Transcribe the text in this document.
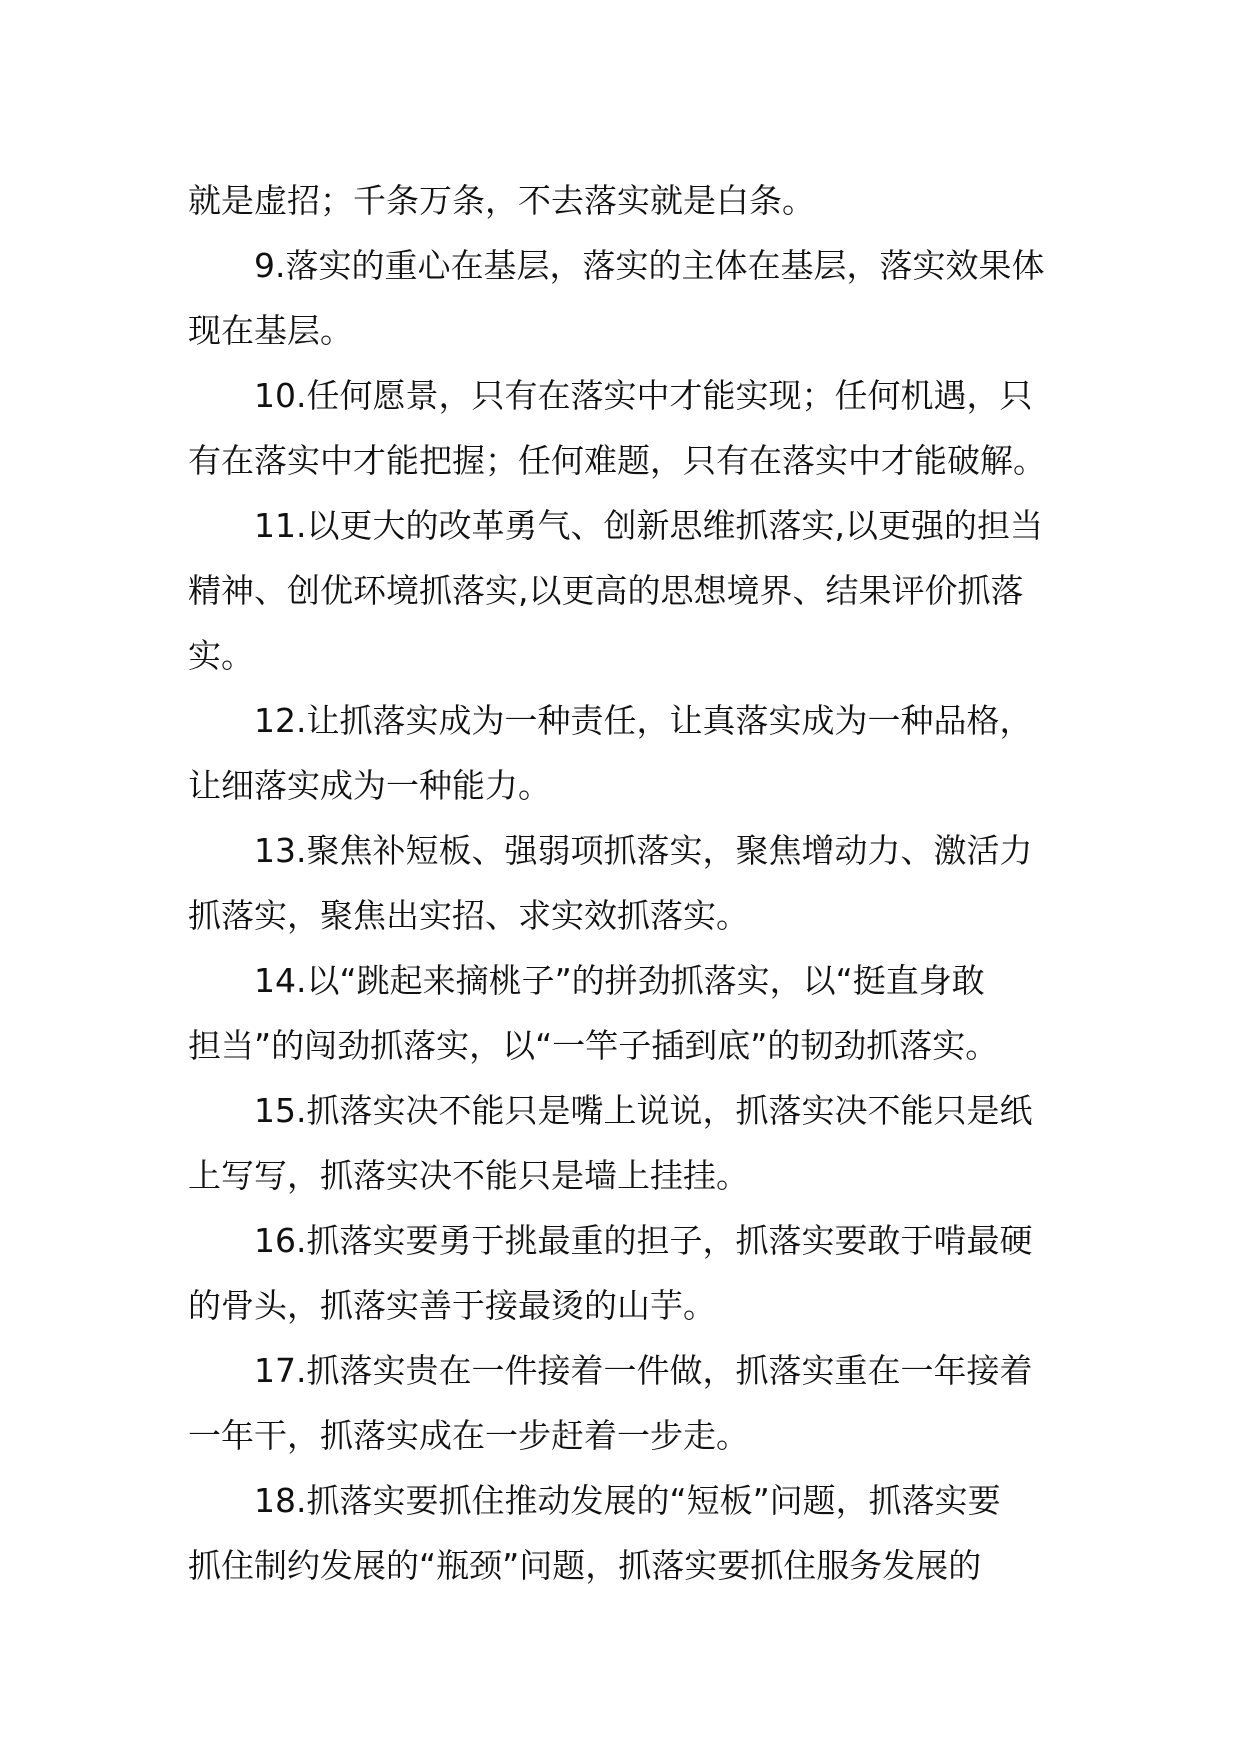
就是虚招；千条万条，不去落实就是白条。
9.落实的重心在基层，落实的主体在基层，落实效果体
现在基层。
10.任何愿景，只有在落实中才能实现；任何机遇，只
有在落实中才能把握；任何难题，只有在落实中才能破解。
11.以更大的改革勇气、创新思维抓落实,以更强的担当
精神、创优环境抓落实,以更高的思想境界、结果评价抓落
实。
12.让抓落实成为一种责任，让真落实成为一种品格，
让细落实成为一种能力。
13.聚焦补短板、强弱项抓落实，聚焦增动力、激活力
抓落实，聚焦出实招、求实效抓落实。
14.以“跳起来摘桃子”的拼劲抓落实，以“挺直身敢
担当”的闯劲抓落实，以“一竿子插到底”的韧劲抓落实。
15.抓落实决不能只是嘴上说说，抓落实决不能只是纸
上写写，抓落实决不能只是墙上挂挂。
16.抓落实要勇于挑最重的担子，抓落实要敢于啃最硬
的骨头，抓落实善于接最烫的山芋。
17.抓落实贵在一件接着一件做，抓落实重在一年接着
一年干，抓落实成在一步赶着一步走。
18.抓落实要抓住推动发展的“短板”问题，抓落实要
抓住制约发展的“瓶颈”问题，抓落实要抓住服务发展的
